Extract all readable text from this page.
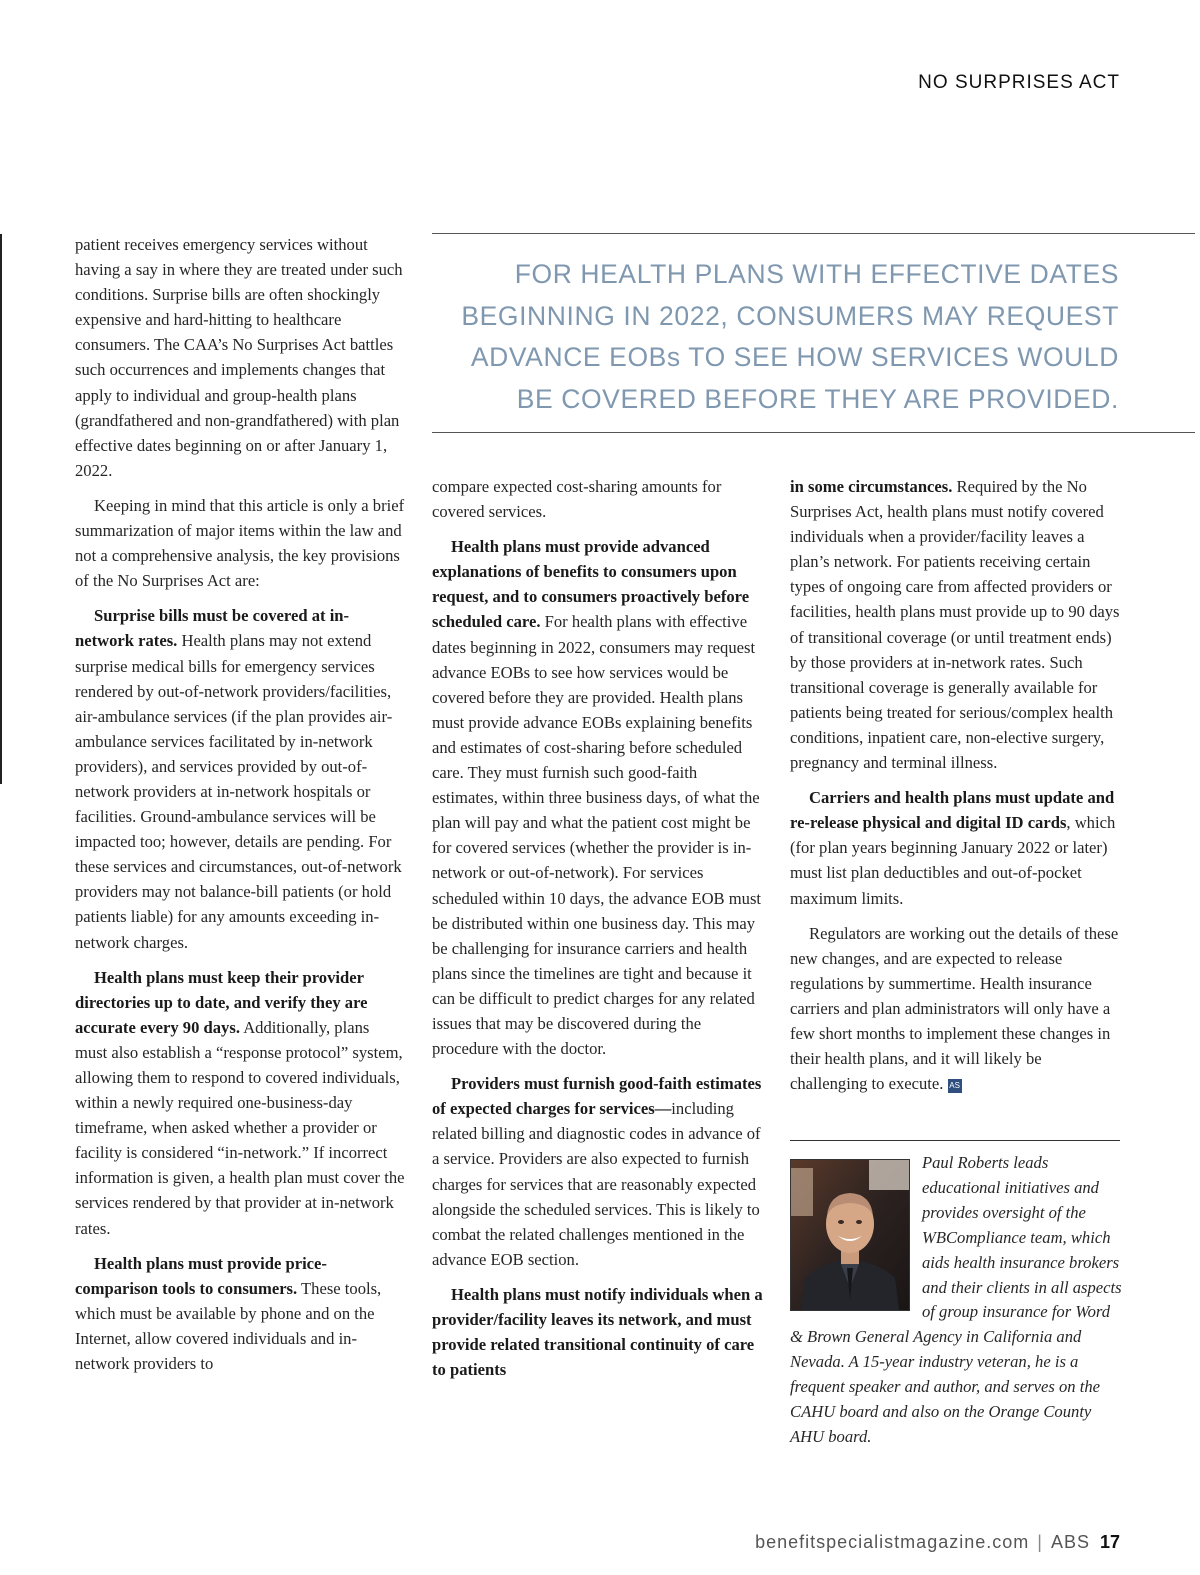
NO SURPRISES ACT
FOR HEALTH PLANS WITH EFFECTIVE DATES BEGINNING IN 2022, CONSUMERS MAY REQUEST ADVANCE EOBs TO SEE HOW SERVICES WOULD BE COVERED BEFORE THEY ARE PROVIDED.

patient receives emergency services without having a say in where they are treated under such conditions. Surprise bills are often shockingly expensive and hard-hitting to healthcare consumers. The CAA’s No Surprises Act battles such occurrences and implements changes that apply to individual and group-health plans (grandfathered and non-grandfathered) with plan effective dates beginning on or after January 1, 2022.

Keeping in mind that this article is only a brief summarization of major items within the law and not a comprehensive analysis, the key provisions of the No Surprises Act are:

Surprise bills must be covered at in-network rates. Health plans may not extend surprise medical bills for emergency services rendered by out-of-network providers/facilities, air-ambulance services (if the plan provides air-ambulance services facilitated by in-network providers), and services provided by out-of-network providers at in-network hospitals or facilities. Ground-ambulance services will be impacted too; however, details are pending. For these services and circumstances, out-of-network providers may not balance-bill patients (or hold patients liable) for any amounts exceeding in-network charges.

Health plans must keep their provider directories up to date, and verify they are accurate every 90 days. Additionally, plans must also establish a “response protocol” system, allowing them to respond to covered individuals, within a newly required one-business-day timeframe, when asked whether a provider or facility is considered “in-network.” If incorrect information is given, a health plan must cover the services rendered by that provider at in-network rates.

Health plans must provide price-comparison tools to consumers. These tools, which must be available by phone and on the Internet, allow covered individuals and in-network providers to

compare expected cost-sharing amounts for covered services.

Health plans must provide advanced explanations of benefits to consumers upon request, and to consumers proactively before scheduled care. For health plans with effective dates beginning in 2022, consumers may request advance EOBs to see how services would be covered before they are provided. Health plans must provide advance EOBs explaining benefits and estimates of cost-sharing before scheduled care. They must furnish such good-faith estimates, within three business days, of what the plan will pay and what the patient cost might be for covered services (whether the provider is in-network or out-of-network). For services scheduled within 10 days, the advance EOB must be distributed within one business day. This may be challenging for insurance carriers and health plans since the timelines are tight and because it can be difficult to predict charges for any related issues that may be discovered during the procedure with the doctor.

Providers must furnish good-faith estimates of expected charges for services—including related billing and diagnostic codes in advance of a service. Providers are also expected to furnish charges for services that are reasonably expected alongside the scheduled services. This is likely to combat the related challenges mentioned in the advance EOB section.

Health plans must notify individuals when a provider/facility leaves its network, and must provide related transitional continuity of care to patients

in some circumstances. Required by the No Surprises Act, health plans must notify covered individuals when a provider/facility leaves a plan’s network. For patients receiving certain types of ongoing care from affected providers or facilities, health plans must provide up to 90 days of transitional coverage (or until treatment ends) by those providers at in-network rates. Such transitional coverage is generally available for patients being treated for serious/complex health conditions, inpatient care, non-elective surgery, pregnancy and terminal illness.

Carriers and health plans must update and re-release physical and digital ID cards, which (for plan years beginning January 2022 or later) must list plan deductibles and out-of-pocket maximum limits.

Regulators are working out the details of these new changes, and are expected to release regulations by summertime. Health insurance carriers and plan administrators will only have a few short months to implement these changes in their health plans, and it will likely be challenging to execute. AS

Paul Roberts leads educational initiatives and provides oversight of the WBCompliance team, which aids health insurance brokers and their clients in all aspects of group insurance for Word & Brown General Agency in California and Nevada. A 15-year industry veteran, he is a frequent speaker and author, and serves on the CAHU board and also on the Orange County AHU board.
benefitspecialistmagazine.com | ABS 17
